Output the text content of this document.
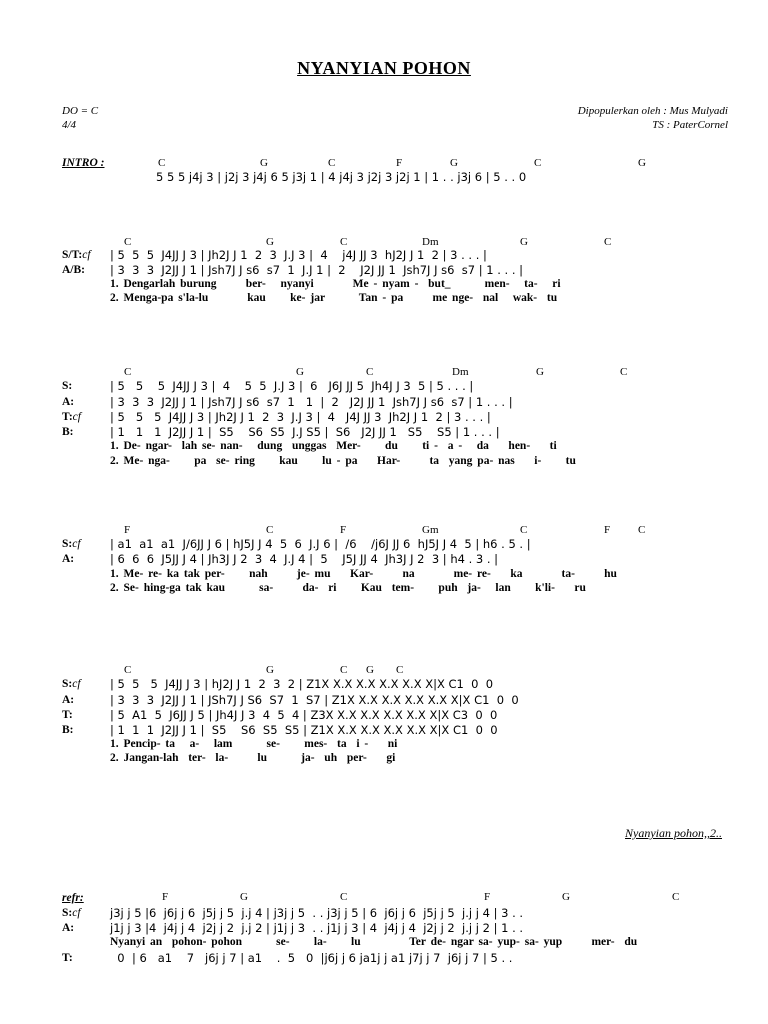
NYANYIAN POHON
DO = C
4/4
Dipopulerkan oleh : Mus Mulyadi
TS : PaterCornel
INTRO :

	C

	G

	C

	F

	G

	C

	G

5 5 5 j4j 3 | j2j 3 j4j 6 5 j3j 1 | 4 j4j 3 j2j 3 j2j 1 | 1 . . j3j 6 | 5 . . 0

C

	G

	C

	Dm

	G

	C

S/T:cf | 5  5  5  J4JJ J 3 | Jh2J J 1  2  3  J.J 3 |  4    j4J JJ 3  hJ2J J 1  2 | 3 . . . |
A/B: | 3  3  3  J2JJ J 1 | Jsh7J J s6  s7  1  J.J 1 |  2    J2J JJ 1  Jsh7J J s6  s7 | 1 . . . |
1. Dengarlah burung      ber-   nyanyi        Me - nyam -  but_       men-   ta-   ri
2. Menga-pa s'la-lu        kau     ke- jar       Tan - pa      me nge-  nal   wak-  tu

C

	G

	C

	Dm

	G

	C

S:	| 5   5    5  J4JJ J 3 |  4    5  5  J.J 3 |  6   J6J JJ 5  Jh4J J 3  5 | 5 . . . |
A:	| 3  3  3  J2JJ J 1 | Jsh7J J s6  s7  1   1  |  2   J2J JJ 1  Jsh7J J s6  s7 | 1 . . . |
T:cf	| 5   5   5  J4JJ J 3 | Jh2J J 1  2  3  J.J 3 |  4   J4J JJ 3  Jh2J J 1  2 | 3 . . . |
B:	| 1   1   1  J2JJ J 1 |  S5    S6  S5  J.J S5 |  S6   J2J JJ 1   S5    S5 | 1 . . . |
1. De- ngar-  lah se- nan-   dung  unggas  Mer-     du     ti -  a -   da    hen-    ti
2. Me- nga-     pa  se- ring     kau     lu - pa    Har-      ta  yang pa- nas    i-     tu

F

	C

	F

	Gm

	C

	F

	C

S:cf	| a1  a1  a1  J/6JJ J 6 | hJ5J J 4  5  6  J.J 6 |  /6    /j6J JJ 6  hJ5J J 4  5 | h6 . 5 . |
A:	| 6  6  6  J5JJ J 4 | Jh3J J 2  3  4  J.J 4 |  5    J5J JJ 4  Jh3J J 2  3 | h4 . 3 . |
1. Me- re- ka tak per-     nah      je- mu    Kar-      na        me- re-    ka        ta-      hu
2. Se- hing-ga tak kau       sa-      da-  ri     Kau  tem-     puh  ja-   lan     k'li-    ru

C

	G

	C

G

C

S:cf	| 5  5   5  J4JJ J 3 | hJ2J J 1  2  3  2 | Z1X X.X X.X X.X X.X X|X C1  0  0
A:	| 3  3  3  J2JJ J 1 | JSh7J J S6  S7  1  S7 | Z1X X.X X.X X.X X.X X|X C1  0  0
T:	| 5  A1  5  J6JJ J 5 | Jh4J J 3  4  5  4 | Z3X X.X X.X X.X X.X X|X C3  0  0
B:	| 1  1  1  J2JJ J 1 |  S5    S6  S5  S5 | Z1X X.X X.X X.X X.X X|X C1  0  0
1. Pencip- ta   a-   lam       se-     mes-  ta  i -    ni
2. Jangan-lah  ter-  la-      lu       ja-  uh  per-    gi
Nyanyian pohon,,2..
refr:

	F

	G

	C

	F

	G

	C

S:cf	j3j j 5 |6  j6j j 6  j5j j 5  j.j 4 | j3j j 5  . . j3j j 5 | 6  j6j j 6  j5j j 5  j.j j 4 | 3 . .
A:	j1j j 3 |4  j4j j 4  j2j j 2  j.j 2 | j1j j 3  . . j1j j 3 | 4  j4j j 4  j2j j 2  j.j j 2 | 1 . .
Nyanyi an  pohon- pohon       se-     la-     lu          Ter de- ngar sa- yup- sa- yup      mer-  du
T:	0  | 6   a1    7   j6j j 7 | a1    .  5   0  |j6j j 6 ja1j j a1 j7j j 7  j6j j 7 | 5 . .
